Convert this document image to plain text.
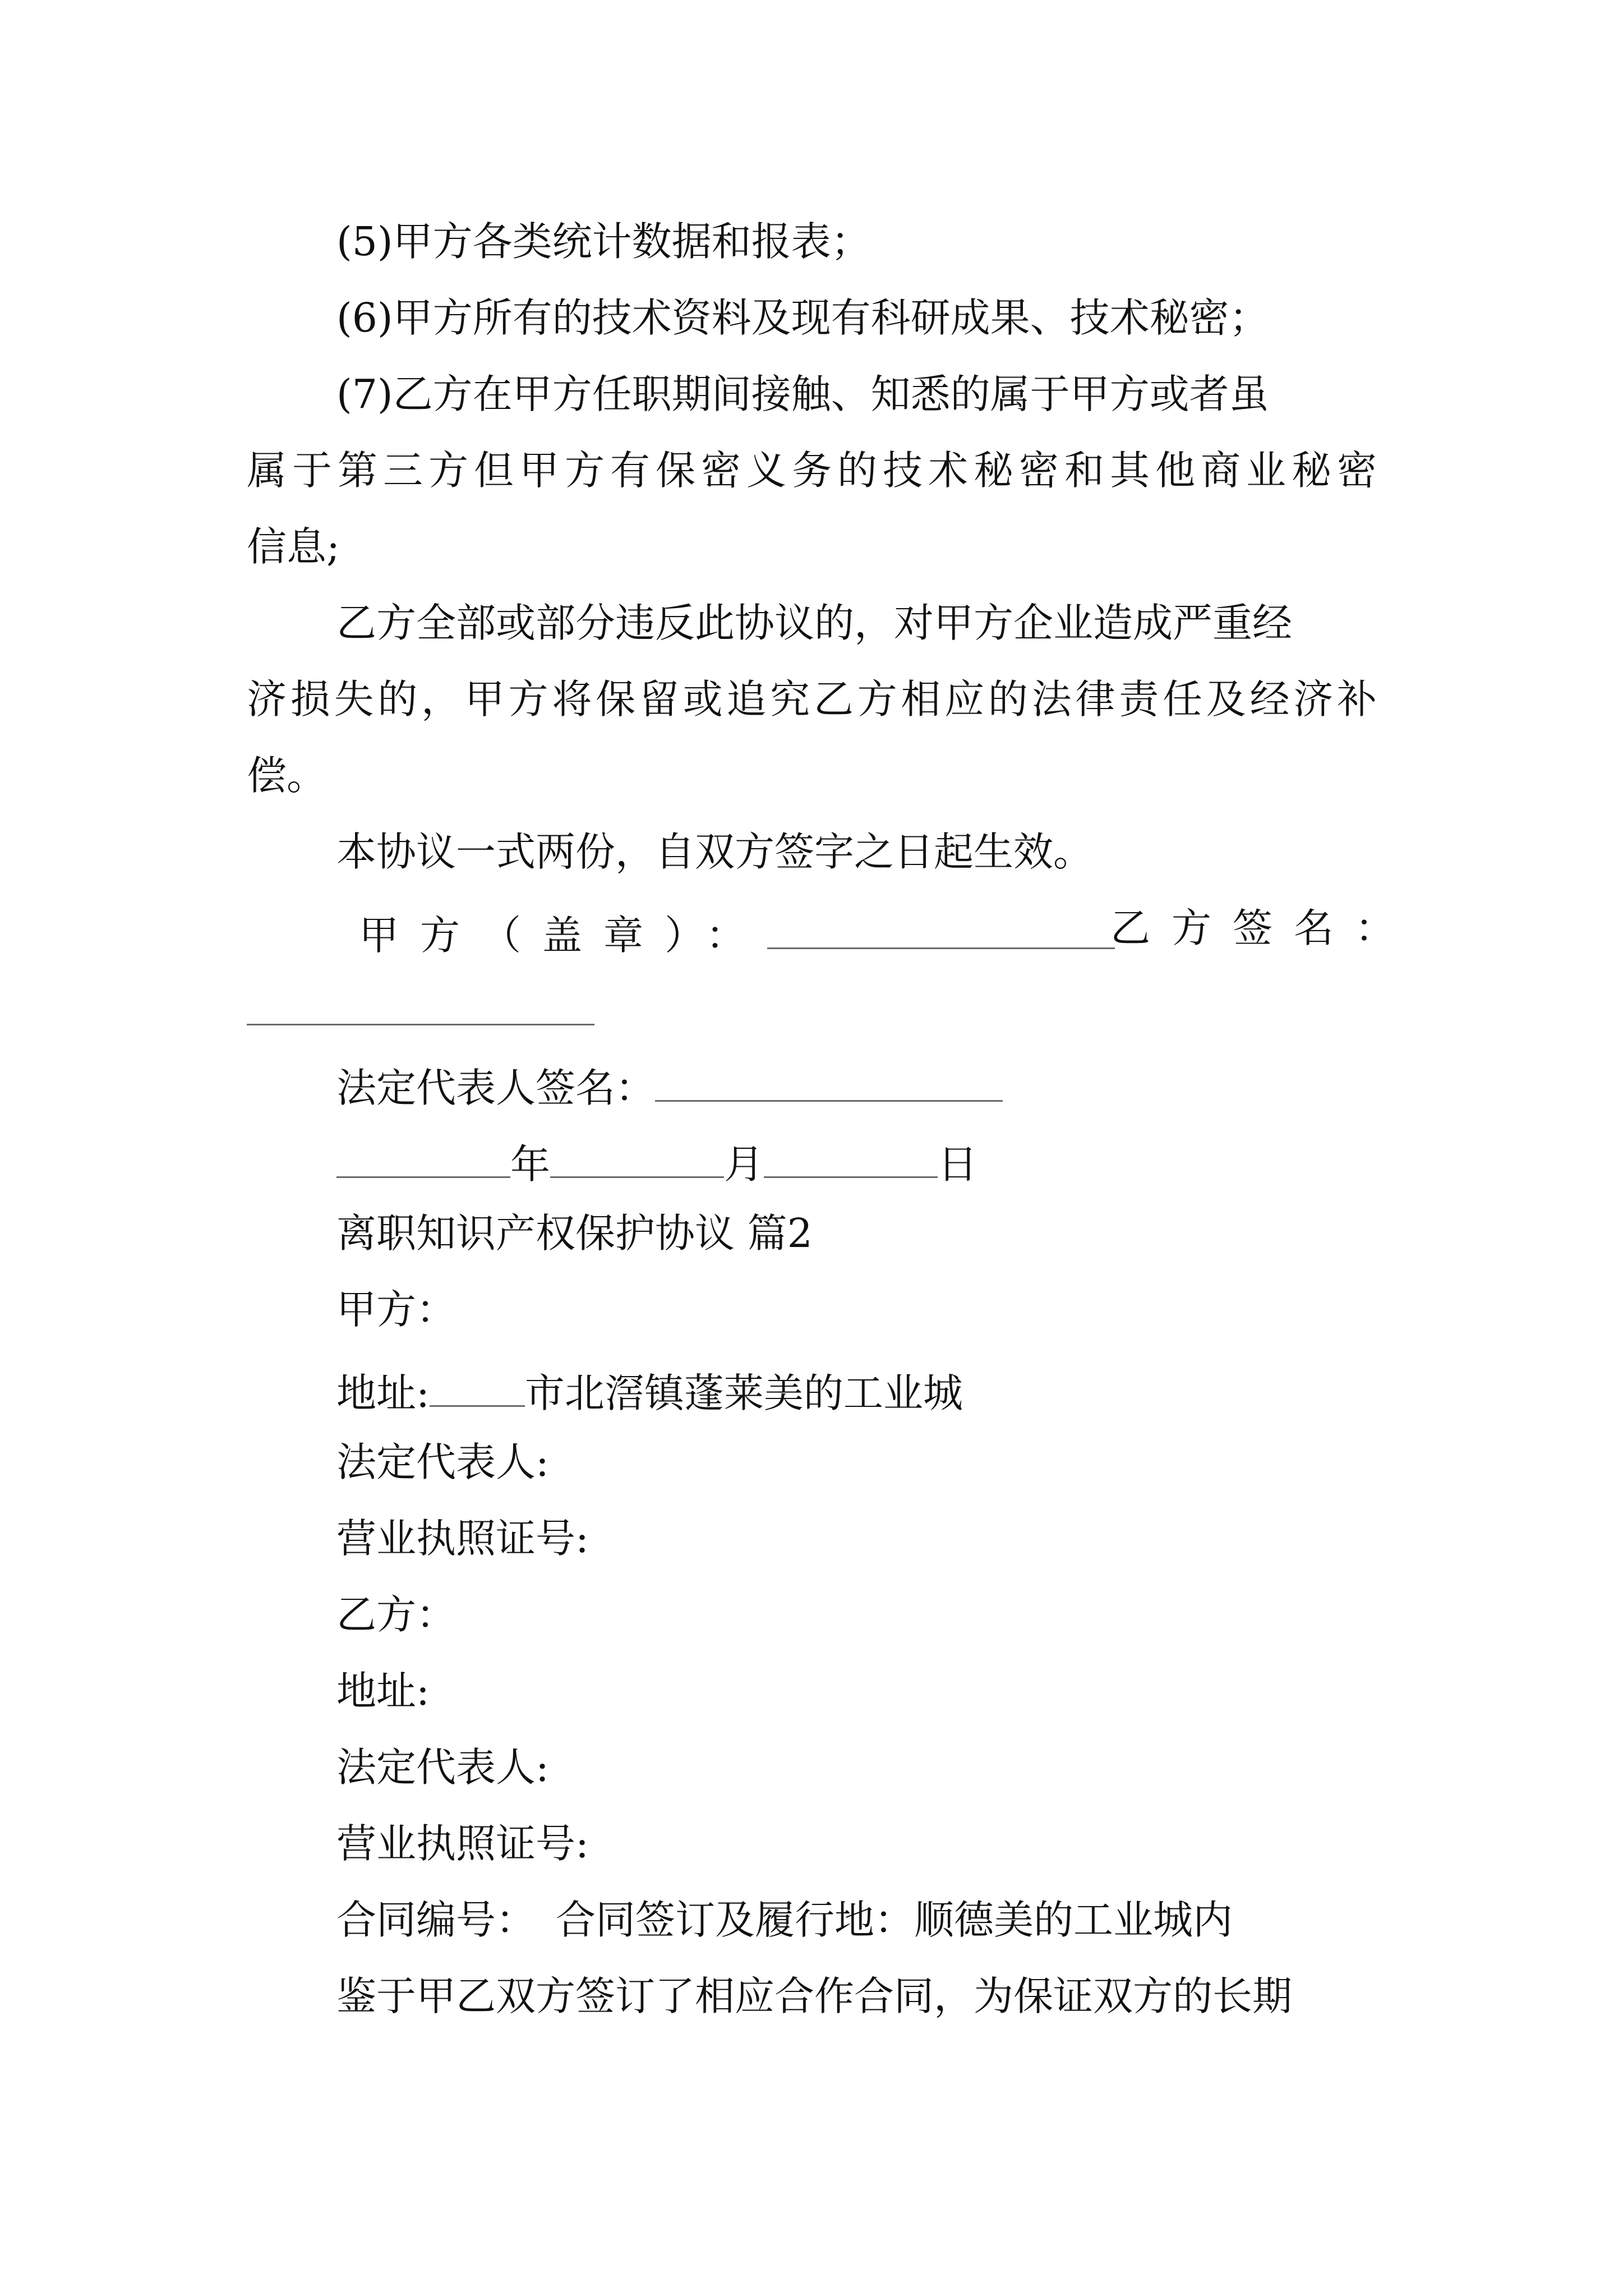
(5)甲方各类统计数据和报表；
(6)甲方所有的技术资料及现有科研成果、技术秘密；
(7)乙方在甲方任职期间接触、知悉的属于甲方或者虽
属于第三方但甲方有保密义务的技术秘密和其他商业秘密
信息;
乙方全部或部分违反此协议的，对甲方企业造成严重经
济损失的，甲方将保留或追究乙方相应的法律责任及经济补
偿。
本协议一式两份，自双方签字之日起生效。
甲方（盖章）：	乙方签名：
法定代表人签名：
年	月	日
离职知识产权保护协议 篇2
甲方：
地址: 市北滘镇蓬莱美的工业城
法定代表人:
营业执照证号:
乙方：
地址:
法定代表人:
营业执照证号:
合同编号： 合同签订及履行地：顺德美的工业城内
鉴于甲乙双方签订了相应合作合同，为保证双方的长期
